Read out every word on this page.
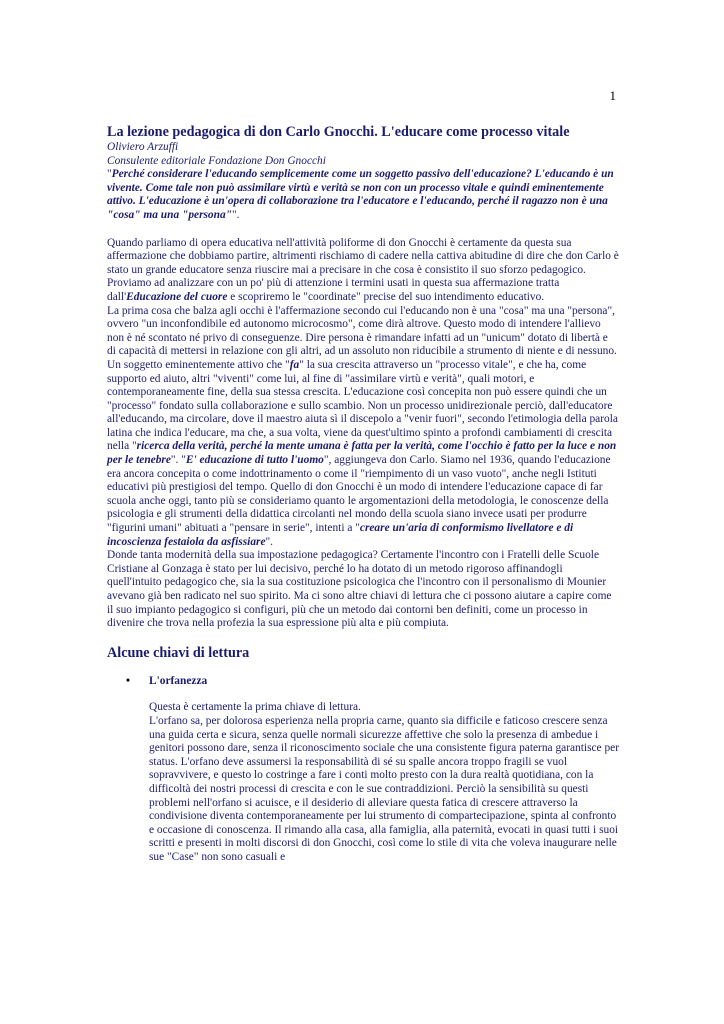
1
La lezione pedagogica di don Carlo Gnocchi. L'educare come processo vitale
Oliviero Arzuffi
Consulente editoriale Fondazione Don Gnocchi

"Perché considerare l'educando semplicemente come un soggetto passivo dell'educazione? L'educando è un vivente. Come tale non può assimilare virtù e verità se non con un processo vitale e quindi eminentemente attivo. L'educazione è un'opera di collaborazione tra l'educatore e l'educando, perché il ragazzo non è una "cosa" ma una "persona"".

Quando parliamo di opera educativa nell'attività poliforme di don Gnocchi è certamente da questa sua affermazione che dobbiamo partire, altrimenti rischiamo di cadere nella cattiva abitudine di dire che don Carlo è stato un grande educatore senza riuscire mai a precisare in che cosa è consistito il suo sforzo pedagogico. Proviamo ad analizzare con un po' più di attenzione i termini usati in questa sua affermazione tratta dall'Educazione del cuore e scopriremo le "coordinate" precise del suo intendimento educativo.

La prima cosa che balza agli occhi è l'affermazione secondo cui l'educando non è una "cosa" ma una "persona", ovvero "un inconfondibile ed autonomo microcosmo", come dirà altrove. Questo modo di intendere l'allievo non è né scontato né privo di conseguenze. Dire persona è rimandare infatti ad un "unicum" dotato di libertà e di capacità di mettersi in relazione con gli altri, ad un assoluto non riducibile a strumento di niente e di nessuno. Un soggetto eminentemente attivo che "fa" la sua crescita attraverso un "processo vitale", e che ha, come supporto ed aiuto, altri "viventi" come lui, al fine di "assimilare virtù e verità", quali motori, e contemporaneamente fine, della sua stessa crescita. L'educazione così concepita non può essere quindi che un "processo" fondato sulla collaborazione e sullo scambio. Non un processo unidirezionale perciò, dall'educatore all'educando, ma circolare, dove il maestro aiuta sì il discepolo a "venir fuori", secondo l'etimologia della parola latina che indica l'educare, ma che, a sua volta, viene da quest'ultimo spinto a profondi cambiamenti di crescita nella "ricerca della verità, perché la mente umana è fatta per la verità, come l'occhio è fatto per la luce e non per le tenebre". "E' educazione di tutto l'uomo", aggiungeva don Carlo. Siamo nel 1936, quando l'educazione era ancora concepita o come indottrinamento o come il "riempimento di un vaso vuoto", anche negli Istituti educativi più prestigiosi del tempo. Quello di don Gnocchi è un modo di intendere l'educazione capace di far scuola anche oggi, tanto più se consideriamo quanto le argomentazioni della metodologia, le conoscenze della psicologia e gli strumenti della didattica circolanti nel mondo della scuola siano invece usati per produrre "figurini umani" abituati a "pensare in serie", intenti a "creare un'aria di conformismo livellatore e di incoscienza festaiola da asfissiare".

Donde tanta modernità della sua impostazione pedagogica? Certamente l'incontro con i Fratelli delle Scuole Cristiane al Gonzaga è stato per lui decisivo, perché lo ha dotato di un metodo rigoroso affinandogli quell'intuito pedagogico che, sia la sua costituzione psicologica che l'incontro con il personalismo di Mounier avevano già ben radicato nel suo spirito. Ma ci sono altre chiavi di lettura che ci possono aiutare a capire come il suo impianto pedagogico si configuri, più che un metodo dai contorni ben definiti, come un processo in divenire che trova nella profezia la sua espressione più alta e più compiuta.

Alcune chiavi di lettura
• L'orfanezza

Questa è certamente la prima chiave di lettura.

L'orfano sa, per dolorosa esperienza nella propria carne, quanto sia difficile e faticoso crescere senza una guida certa e sicura, senza quelle normali sicurezze affettive che solo la presenza di ambedue i genitori possono dare, senza il riconoscimento sociale che una consistente figura paterna garantisce per status. L'orfano deve assumersi la responsabilità di sé su spalle ancora troppo fragili se vuol sopravvivere, e questo lo costringe a fare i conti molto presto con la dura realtà quotidiana, con la difficoltà dei nostri processi di crescita e con le sue contraddizioni. Perciò la sensibilità su questi problemi nell'orfano si acuisce, e il desiderio di alleviare questa fatica di crescere attraverso la condivisione diventa contemporaneamente per lui strumento di compartecipazione, spinta al confronto e occasione di conoscenza. Il rimando alla casa, alla famiglia, alla paternità, evocati in quasi tutti i suoi scritti e presenti in molti discorsi di don Gnocchi, così come lo stile di vita che voleva inaugurare nelle sue "Case" non sono casuali e
